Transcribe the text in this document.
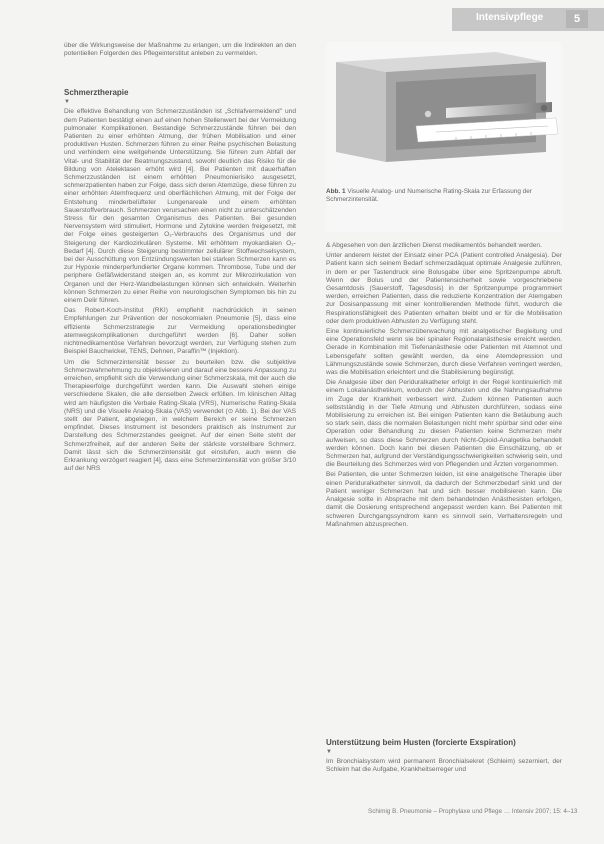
Intensivpflege	5

über die Wirkungsweise der Maßnahme zu erlangen, um die Indirekten an den potentiellen Folgerden des Pflegeinterstitut anleben zu vermelden.

Schmerztherapie
▼

Die effektive Behandlung von Schmerzzuständen ist „Schlafvermeidend" und dem Patienten bestätigt einen auf einen hohen Stellenwert bei der Vermeidung pulmonaler Komplikationen. Bestandige Schmerzzustände führen bei den Patienten zu einer erhöhten Atmung, der frühen Mobilisation und einer produktiven Husten. Schmerzen führen zu einer Reihe psychischen Belastung und verhindern eine weitgehende Unterstützung. Sie führen zum Abfall der Vital- und Stabilität der Beatmungszustand, sowohl deutlich das Risiko für die Bildung von Atelektasen erhöht wird [4]. Bei Patienten mit dauerhaften Schmerzzuständen ist einem erhöhten Pneumonierisiko ausgesetzt, schmerzpatienten haben zur Folge, dass sich deren Atemzüge, diese führen zu einer erhöhten Atemfrequenz und oberflächlichen Atmung, mit der Folge der Entstehung minderbelüfteter Lungenareale und einem erhöhten Sauerstoffverbrauch. Schmerzen verursachen einen nicht zu unterschätzenden Stress für den gesamten Organismus des Patienten. Bei gesunden Nervensystem wird stimuliert, Hormone und Zytokine werden freigesetzt, mit der Folge eines gesteigerten O₂-Verbrauchs des Organismus und der Steigerung der Kardiozirkulären Systeme. Mit erhöhtem myokardialen O₂-Bedarf [4]. Durch diese Steigerung bestimmter zellulärer Stoffwechselsystem, bei der Ausschüttung von Entzündungswerten bei starken Schmerzen kann es zur Hypoxie minderperfundierter Organe kommen. Thrombose, Tube und der periphere Gefäßwiderstand steigen an, es kommt zur Mikrozirkulation von Organen und der Herz-Wandbelastungen können sich entwickeln. Weiterhin können Schmerzen zu einer Reihe von neurologischen Symptomen bis hin zu einem Delir führen.

Das Robert-Koch-Institut (RKI) empfiehlt nachdrücklich in seinen Empfehlungen zur Prävention der nosokomialen Pneumonie [5], dass eine effiziente Schmerzstrategie zur Vermeidung operationsbedingter atemwegskomplikationen durchgeführt werden [6]. Daher sollen nichtmedikamentöse Verfahren bevorzugt werden, zur Verfügung stehen zum Beispiel Bauchwickel, TENS, Dehnen, Paraffin™ (Injektion).

Um die Schmerzintensität besser zu beurteilen bzw. die subjektive Schmerzwahrnehmung zu objektivieren und darauf eine bessere Anpassung zu erreichen, empfiehlt sich die Verwendung einer Schmerzskala, mit der auch die Therapieerfolge durchgeführt werden kann. Die Auswahl stehen einige verschiedene Skalen, die alle denselben Zweck erfüllen. Im klinischen Alltag wird am häufigsten die Verbale Rating-Skala (VRS), Numerische Rating-Skala (NRS) und die Visuelle Analog-Skala (VAS) verwendet (⊙ Abb. 1). Bei der VAS stellt der Patient, abgelegen, in welchem Bereich er seine Schmerzen empfindet. Dieses Instrument ist besonders praktisch als Instrument zur Darstellung des Schmerzstandes geeignet. Auf der einen Seite steht der Schmerzfreiheit, auf der anderen Seite der stärkste vorstellbare Schmerz. Damit lässt sich die Schmerzintensität gut einstufen, auch wenn die Erkrankung verzögert reagiert [4], dass eine Schmerzintensität von größer 3/10 auf der NRS

Abb. 1 Visuelle Analog- und Numerische Rating-Skala zur Erfassung der Schmerzintensität.

& Abgesehen von den ärztlichen Dienst medikamentös behandelt werden.

Unter anderem leistet der Einsatz einer PCA (Patient controlled Analgesia). Der Patient kann sich seinem Bedarf schmerzadäquat optimale Analgesie zuführen, in dem er per Tastendruck eine Bolusgabe über eine Spritzenpumpe abruft. Wenn der Bolus und der Patientensicherheit sowie vorgeschriebene Gesamtdosis (Sauerstoff, Tagesdosis) in der Spritzenpumpe programmiert werden, erreichen Patienten, dass die reduzierte Konzentration der Atemgaben zur Dosisanpassung mit einer kontrollierenden Methode führt, wodurch die Respirationsfähigkeit des Patienten erhalten bleibt und er für die Mobilisation oder dem produktiven Abhusten zu Verfügung steht.

Eine kontinuierliche Schmerzüberwachung mit analgetischer Begleitung und eine Operationsfeld wenn sie bei spinaler Regionalanästhesie erreicht werden. Gerade in Kombination mit Tiefenanästhesie oder Patienten mit Atemnot und Lebensgefahr sollten gewählt werden, da eine Atemdepression und Lähmungszustände sowie Schmerzen, durch diese Verfahren verringert werden, was die Mobilisation erleichtert und die Stabilisierung begünstigt.

Die Analgesie über den Periduralkatheter erfolgt in der Regel kontinuierlich mit einem Lokalanästhetikum, wodurch der Abhusten und die Nahrungsaufnahme im Zuge der Krankheit verbessert wird. Zudem können Patienten auch selbstständig in der Tiefe Atmung und Abhusten durchführen, sodass eine Mobilisierung zu erreichen ist. Bei einigen Patienten kann die Betäubung auch so stark sein, dass die normalen Belastungen nicht mehr spürbar sind oder eine Operation oder Behandlung zu diesen Patienten keine Schmerzen mehr aufweisen, so dass diese Schmerzen durch Nicht-Opioid-Analgetika behandelt werden können. Doch kann bei diesen Patienten die Einschätzung, ob er Schmerzen hat, aufgrund der Verständigungsschwierigkeiten schwierig sein, und die Beurteilung des Schmerzes wird von Pflegenden und Ärzten vorgenommen.

Bei Patienten, die unter Schmerzen leiden, ist eine analgetische Therapie über einen Periduralkatheter sinnvoll, da dadurch der Schmerzbedarf sinkt und der Patient weniger Schmerzen hat und sich besser mobilisieren kann. Die Analgesie sollte in Absprache mit dem behandelnden Anästhesisten erfolgen, damit die Dosierung entsprechend angepasst werden kann. Bei Patienten mit schweren Durchgangssyndrom kann es sinnvoll sein, Verhaltensregeln und Maßnahmen abzusprechen.

Unterstützung beim Husten (forcierte Exspiration)
▼

Im Bronchialsystem wird permanent Bronchialsekret (Schleim) sezerniert, der Schleim hat die Aufgabe, Krankheitserreger und

Schimig B. Pneumonie – Prophylaxe und Pflege … Intensiv 2007; 15: 4–13
